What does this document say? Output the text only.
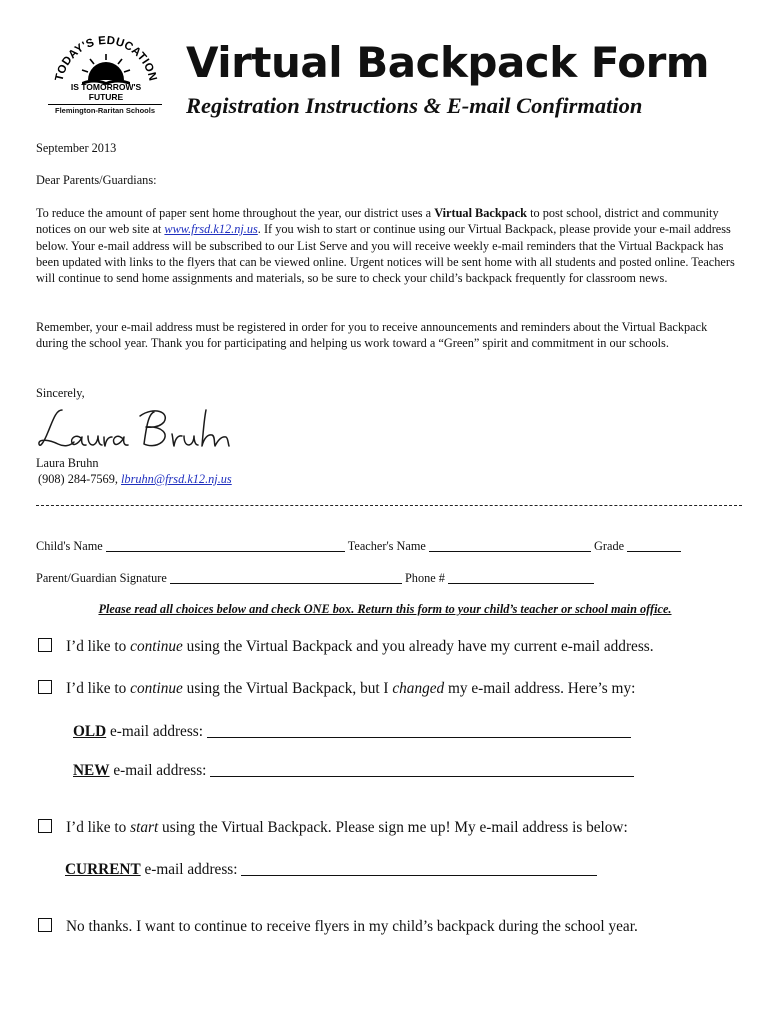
TODAY'S EDUCATION
IS TOMORROW'S
FUTURE
Flemington-Raritan Schools
Virtual Backpack Form
Registration Instructions & E-mail Confirmation

September 2013

Dear Parents/Guardians:

To reduce the amount of paper sent home throughout the year, our district uses a Virtual Backpack to post school, district and community notices on our web site at www.frsd.k12.nj.us. If you wish to start or continue using our Virtual Backpack, please provide your e-mail address below. Your e-mail address will be subscribed to our List Serve and you will receive weekly e-mail reminders that the Virtual Backpack has been updated with links to the flyers that can be viewed online. Urgent notices will be sent home with all students and posted online. Teachers will continue to send home assignments and materials, so be sure to check your child’s backpack frequently for classroom news.

Remember, your e-mail address must be registered in order for you to receive announcements and reminders about the Virtual Backpack during the school year. Thank you for participating and helping us work toward a “Green” spirit and commitment in our schools.

Sincerely,

Laura Bruhn
(908) 284-7569, lbruhn@frsd.k12.nj.us
Child's Name	Teacher's Name	Grade
Parent/Guardian Signature	Phone #
Please read all choices below and check ONE box. Return this form to your child’s teacher or school main office.
I’d like to continue using the Virtual Backpack and you already have my current e-mail address.
I’d like to continue using the Virtual Backpack, but I changed my e-mail address. Here’s my:
OLD e-mail address:
NEW e-mail address:
I’d like to start using the Virtual Backpack. Please sign me up! My e-mail address is below:
CURRENT e-mail address:
No thanks. I want to continue to receive flyers in my child’s backpack during the school year.
